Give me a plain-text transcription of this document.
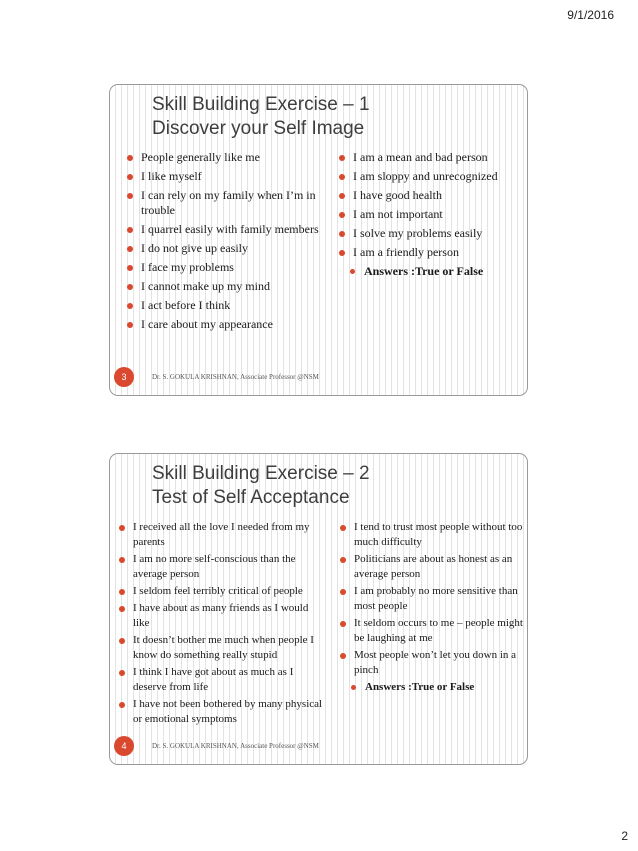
9/1/2016
Skill Building Exercise – 1
Discover your Self Image
People generally like me
I like myself
I can rely on my family when I’m in trouble
I quarrel easily with family members
I do not give up easily
I face my problems
I cannot make up my mind
I act before I think
I care about my appearance
I am a mean and bad person
I am sloppy and unrecognized
I have good health
I am not important
I solve my problems easily
I am a friendly person
Answers :True or False
3	Dr. S. GOKULA KRISHNAN, Associate Professor @NSM
Skill Building Exercise – 2
Test of Self Acceptance
I received all the love I needed from my parents
I am no more self-conscious than the average person
I seldom feel terribly critical of people
I have about as many friends as I would like
It doesn’t bother me much when people I know do something really stupid
I think I have got about as much as I deserve from life
I have not been bothered by many physical or emotional symptoms
I tend to trust most people without too much difficulty
Politicians are about as honest as an average person
I am probably no more sensitive than most people
It seldom occurs to me – people might be laughing at me
Most people won’t let you down in a pinch
Answers :True or False
4	Dr. S. GOKULA KRISHNAN, Associate Professor @NSM
2
